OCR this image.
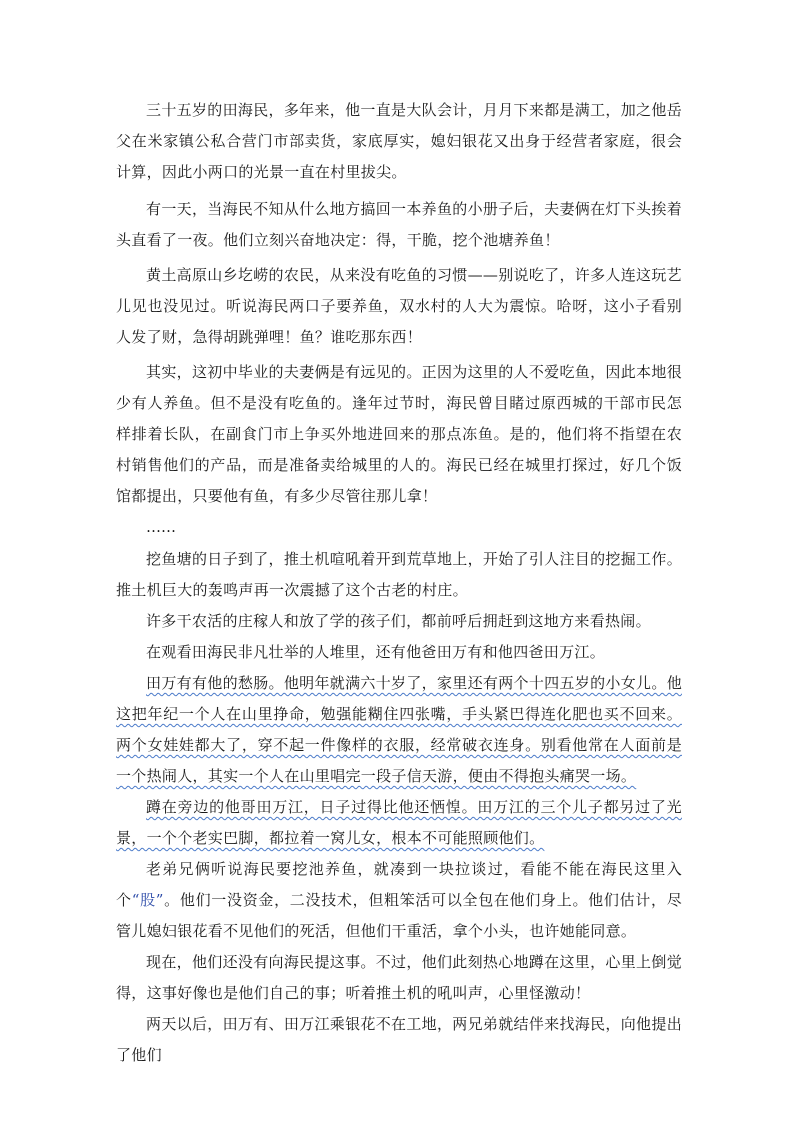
三十五岁的田海民，多年来，他一直是大队会计，月月下来都是满工，加之他岳父在米家镇公私合营门市部卖货，家底厚实，媳妇银花又出身于经营者家庭，很会计算，因此小两口的光景一直在村里拔尖。

有一天，当海民不知从什么地方搞回一本养鱼的小册子后，夫妻俩在灯下头挨着头直看了一夜。他们立刻兴奋地决定：得，干脆，挖个池塘养鱼！

黄土高原山乡圪崂的农民，从来没有吃鱼的习惯——别说吃了，许多人连这玩艺儿见也没见过。听说海民两口子要养鱼，双水村的人大为震惊。哈呀，这小子看别人发了财，急得胡跳弹哩！鱼？谁吃那东西！

其实，这初中毕业的夫妻俩是有远见的。正因为这里的人不爱吃鱼，因此本地很少有人养鱼。但不是没有吃鱼的。逢年过节时，海民曾目睹过原西城的干部市民怎样排着长队，在副食门市上争买外地进回来的那点冻鱼。是的，他们将不指望在农村销售他们的产品，而是准备卖给城里的人的。海民已经在城里打探过，好几个饭馆都提出，只要他有鱼，有多少尽管往那儿拿！

……

挖鱼塘的日子到了，推土机喧吼着开到荒草地上，开始了引人注目的挖掘工作。推土机巨大的轰鸣声再一次震撼了这个古老的村庄。

许多干农活的庄稼人和放了学的孩子们，都前呼后拥赶到这地方来看热闹。

在观看田海民非凡壮举的人堆里，还有他爸田万有和他四爸田万江。

田万有有他的愁肠。他明年就满六十岁了，家里还有两个十四五岁的小女儿。他这把年纪一个人在山里挣命，勉强能糊住四张嘴，手头紧巴得连化肥也买不回来。两个女娃娃都大了，穿不起一件像样的衣服，经常破衣连身。别看他常在人面前是一个热闹人，其实一个人在山里唱完一段子信天游，便由不得抱头痛哭一场。

蹲在旁边的他哥田万江，日子过得比他还恓惶。田万江的三个儿子都另过了光景，一个个老实巴脚，都拉着一窝儿女，根本不可能照顾他们。

老弟兄俩听说海民要挖池养鱼，就凑到一块拉谈过，看能不能在海民这里入个“股”。他们一没资金，二没技术，但粗笨活可以全包在他们身上。他们估计，尽管儿媳妇银花看不见他们的死活，但他们干重活，拿个小头，也许她能同意。

现在，他们还没有向海民提这事。不过，他们此刻热心地蹲在这里，心里上倒觉得，这事好像也是他们自己的事；听着推土机的吼叫声，心里怪激动！

两天以后，田万有、田万江乘银花不在工地，两兄弟就结伴来找海民，向他提出了他们
